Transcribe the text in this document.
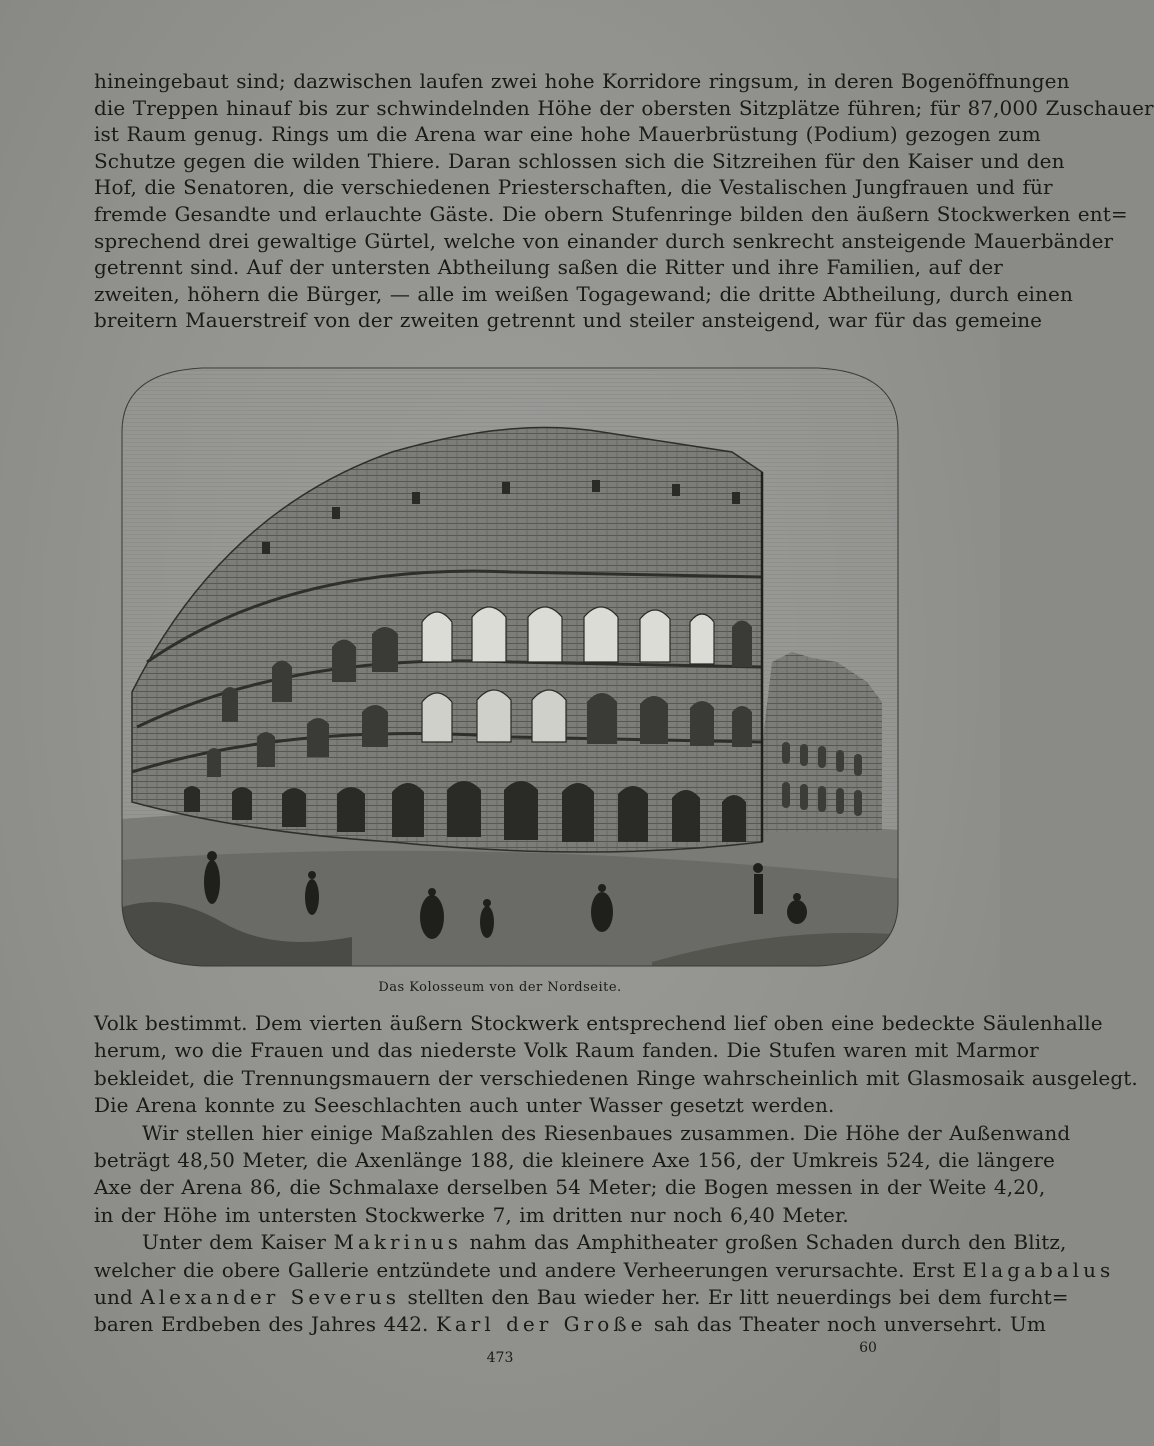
hineingebaut sind; dazwischen laufen zwei hohe Korridore ringsum, in deren Bogenöffnungen
die Treppen hinauf bis zur schwindelnden Höhe der obersten Sitzplätze führen; für 87,000 Zuschauer
ist Raum genug. Rings um die Arena war eine hohe Mauerbrüstung (Podium) gezogen zum
Schutze gegen die wilden Thiere. Daran schlossen sich die Sitzreihen für den Kaiser und den
Hof, die Senatoren, die verschiedenen Priesterschaften, die Vestalischen Jungfrauen und für
fremde Gesandte und erlauchte Gäste. Die obern Stufenringe bilden den äußern Stockwerken ent=
sprechend drei gewaltige Gürtel, welche von einander durch senkrecht ansteigende Mauerbänder
getrennt sind. Auf der untersten Abtheilung saßen die Ritter und ihre Familien, auf der
zweiten, höhern die Bürger, — alle im weißen Togagewand; die dritte Abtheilung, durch einen
breitern Mauerstreif von der zweiten getrennt und steiler ansteigend, war für das gemeine
Das Kolosseum von der Nordseite.
Volk bestimmt. Dem vierten äußern Stockwerk entsprechend lief oben eine bedeckte Säulenhalle
herum, wo die Frauen und das niederste Volk Raum fanden. Die Stufen waren mit Marmor
bekleidet, die Trennungsmauern der verschiedenen Ringe wahrscheinlich mit Glasmosaik ausgelegt.
Die Arena konnte zu Seeschlachten auch unter Wasser gesetzt werden.
Wir stellen hier einige Maßzahlen des Riesenbaues zusammen. Die Höhe der Außenwand
beträgt 48,50 Meter, die Axenlänge 188, die kleinere Axe 156, der Umkreis 524, die längere
Axe der Arena 86, die Schmalaxe derselben 54 Meter; die Bogen messen in der Weite 4,20,
in der Höhe im untersten Stockwerke 7, im dritten nur noch 6,40 Meter.
Unter dem Kaiser Makrinus nahm das Amphitheater großen Schaden durch den Blitz,
welcher die obere Gallerie entzündete und andere Verheerungen verursachte. Erst Elagabalus
und Alexander Severus stellten den Bau wieder her. Er litt neuerdings bei dem furcht=
baren Erdbeben des Jahres 442. Karl der Große sah das Theater noch unversehrt. Um
473
60
